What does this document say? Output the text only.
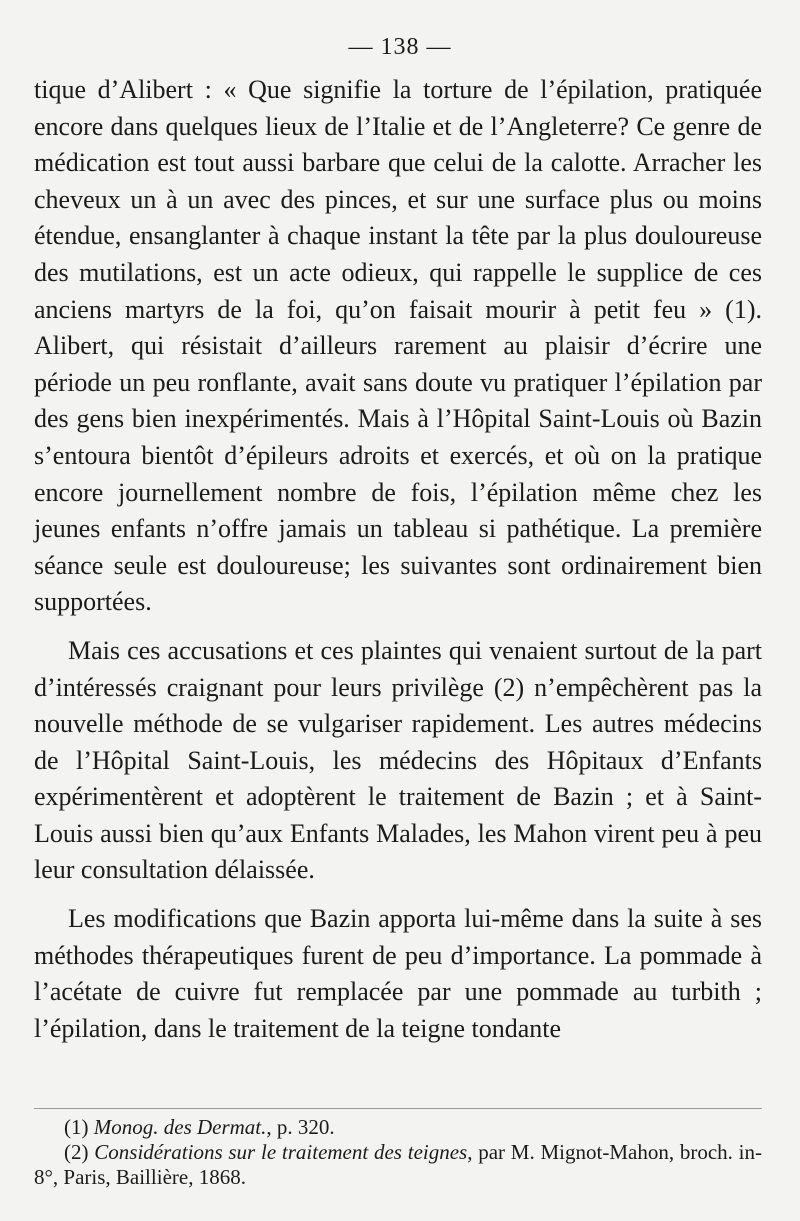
— 138 —

tique d’Alibert : « Que signifie la torture de l’épilation, pratiquée encore dans quelques lieux de l’Italie et de l’Angleterre? Ce genre de médication est tout aussi barbare que celui de la calotte. Arracher les cheveux un à un avec des pinces, et sur une surface plus ou moins étendue, ensanglanter à chaque instant la tête par la plus douloureuse des mutilations, est un acte odieux, qui rappelle le supplice de ces anciens martyrs de la foi, qu’on faisait mourir à petit feu » (1). Alibert, qui résistait d’ailleurs rarement au plaisir d’écrire une période un peu ronflante, avait sans doute vu pratiquer l’épilation par des gens bien inexpérimentés. Mais à l’Hôpital Saint-Louis où Bazin s’entoura bientôt d’épileurs adroits et exercés, et où on la pratique encore journellement nombre de fois, l’épilation même chez les jeunes enfants n’offre jamais un tableau si pathétique. La première séance seule est douloureuse; les suivantes sont ordinairement bien supportées.

Mais ces accusations et ces plaintes qui venaient surtout de la part d’intéressés craignant pour leurs privilège (2) n’empêchèrent pas la nouvelle méthode de se vulgariser rapidement. Les autres médecins de l’Hôpital Saint-Louis, les médecins des Hôpitaux d’Enfants expérimentèrent et adoptèrent le traitement de Bazin ; et à Saint-Louis aussi bien qu’aux Enfants Malades, les Mahon virent peu à peu leur consultation délaissée.

Les modifications que Bazin apporta lui-même dans la suite à ses méthodes thérapeutiques furent de peu d’importance. La pommade à l’acétate de cuivre fut remplacée par une pommade au turbith ; l’épilation, dans le traitement de la teigne tondante

(1) Monog. des Dermat., p. 320.

(2) Considérations sur le traitement des teignes, par M. Mignot-Mahon, broch. in-8°, Paris, Baillière, 1868.
